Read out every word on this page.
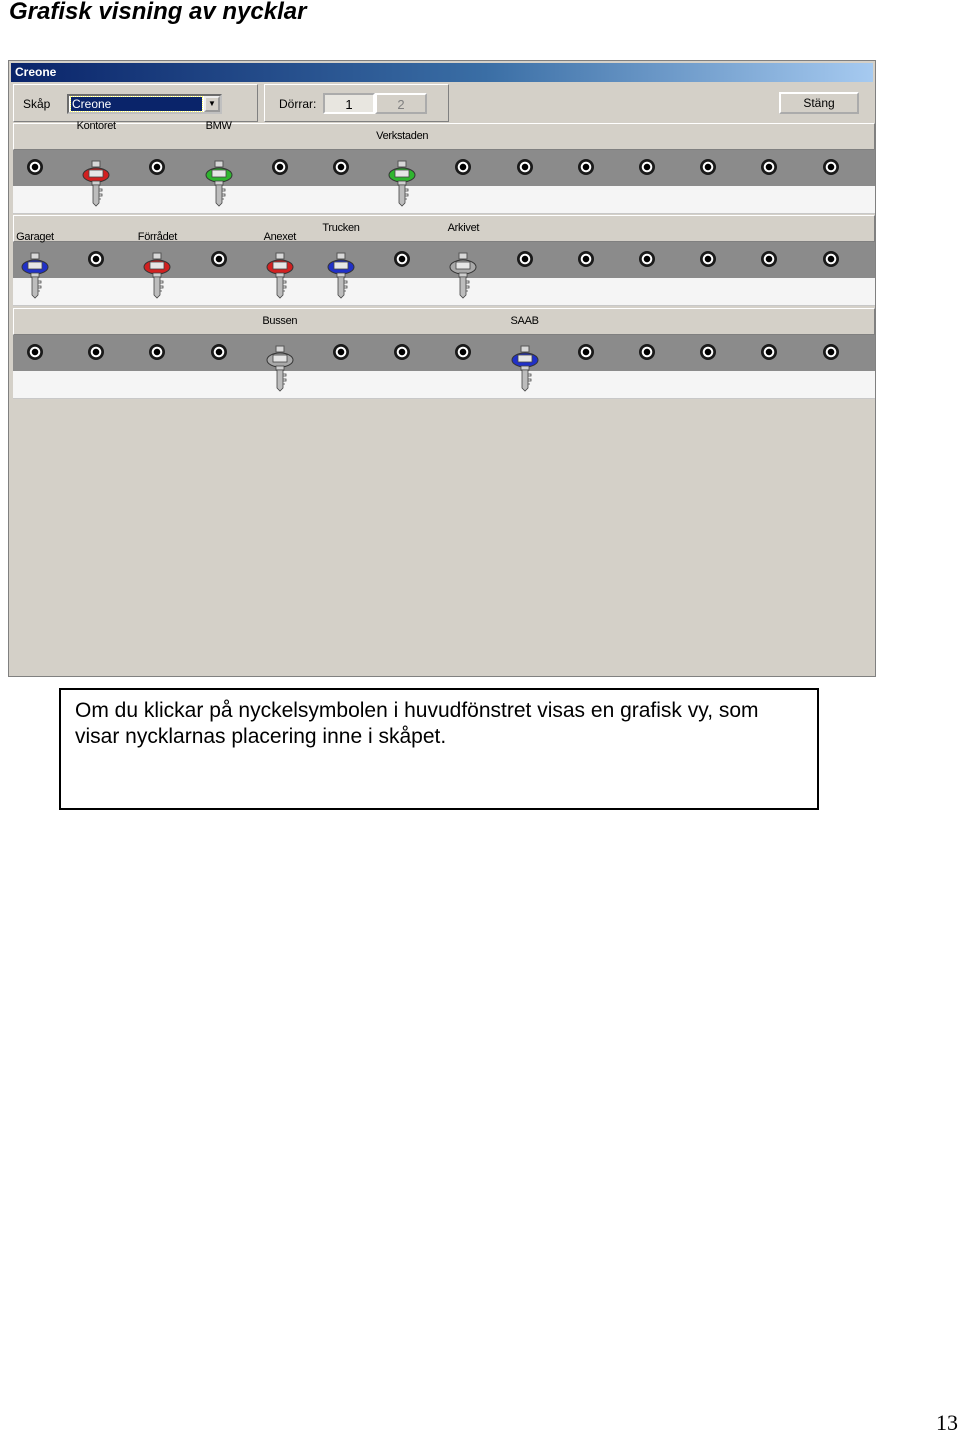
Grafisk visning av nycklar
Creone
Skåp Creone	▼	Dörrar:	1	2	Stäng
Kontoret	BMW
Verkstaden
Garaget	Förrådet	Anexet
Trucken	Arkivet
Bussen	SAAB

Om du klickar på nyckelsymbolen i huvudfönstret visas en grafisk vy, som visar nycklarnas placering inne i skåpet.

13
